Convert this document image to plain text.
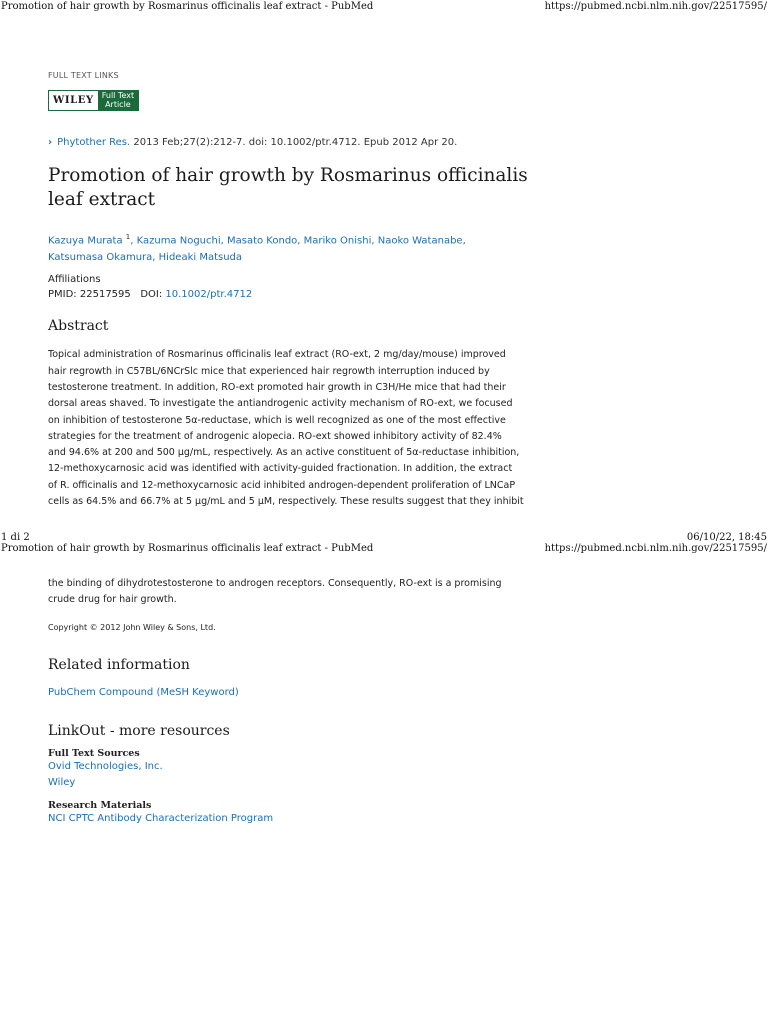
Promotion of hair growth by Rosmarinus officinalis leaf extract - PubMed	https://pubmed.ncbi.nlm.nih.gov/22517595/
FULL TEXT LINKS
WILEY	Full Text
Article
› Phytother Res. 2013 Feb;27(2):212-7. doi: 10.1002/ptr.4712. Epub 2012 Apr 20.
Promotion of hair growth by Rosmarinus officinalis leaf extract
Kazuya Murata $^1$, Kazuma Noguchi, Masato Kondo, Mariko Onishi, Naoko Watanabe,
Katsumasa Okamura, Hideaki Matsuda
Affiliations
PMID: 22517595 DOI: 10.1002/ptr.4712
Abstract
Topical administration of Rosmarinus officinalis leaf extract (RO-ext, 2 mg/day/mouse) improved
hair regrowth in C57BL/6NCrSlc mice that experienced hair regrowth interruption induced by
testosterone treatment. In addition, RO-ext promoted hair growth in C3H/He mice that had their
dorsal areas shaved. To investigate the antiandrogenic activity mechanism of RO-ext, we focused
on inhibition of testosterone 5α-reductase, which is well recognized as one of the most effective
strategies for the treatment of androgenic alopecia. RO-ext showed inhibitory activity of 82.4%
and 94.6% at 200 and 500 μg/mL, respectively. As an active constituent of 5α-reductase inhibition,
12-methoxycarnosic acid was identified with activity-guided fractionation. In addition, the extract
of R. officinalis and 12-methoxycarnosic acid inhibited androgen-dependent proliferation of LNCaP
cells as 64.5% and 66.7% at 5 μg/mL and 5 μM, respectively. These results suggest that they inhibit
1 di 2	06/10/22, 18:45
Promotion of hair growth by Rosmarinus officinalis leaf extract - PubMed	https://pubmed.ncbi.nlm.nih.gov/22517595/
the binding of dihydrotestosterone to androgen receptors. Consequently, RO-ext is a promising
crude drug for hair growth.
Copyright © 2012 John Wiley & Sons, Ltd.
Related information
PubChem Compound (MeSH Keyword)
LinkOut - more resources
Full Text Sources
Ovid Technologies, Inc.
Wiley
Research Materials
NCI CPTC Antibody Characterization Program
